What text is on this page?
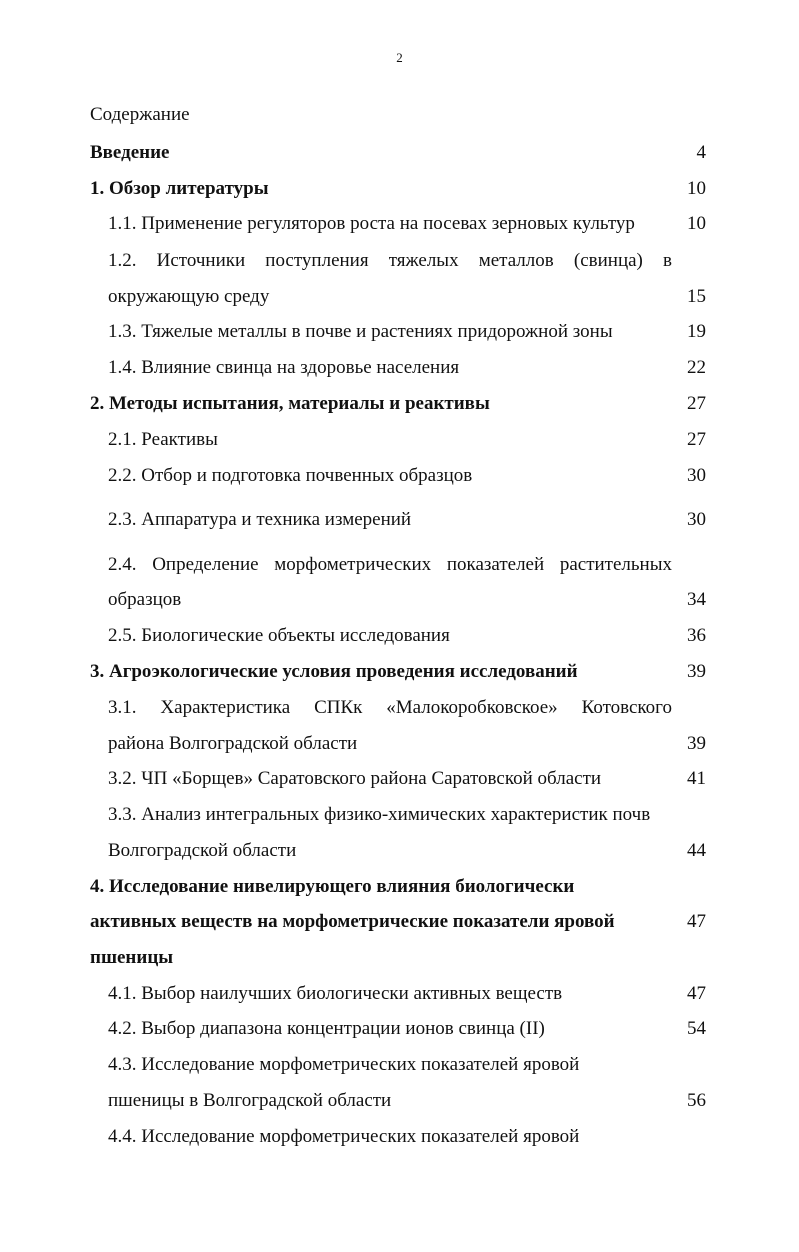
2
Содержание
Введение	4
1. Обзор литературы	10
1.1. Применение регуляторов роста на посевах зерновых культур	10
1.2. Источники поступления тяжелых металлов (свинца) в
окружающую среду	15
1.3. Тяжелые металлы в почве и растениях придорожной зоны	19
1.4. Влияние свинца на здоровье населения	22
2. Методы испытания, материалы и реактивы	27
2.1. Реактивы	27
2.2. Отбор и подготовка почвенных образцов	30
2.3. Аппаратура и техника измерений	30
2.4. Определение морфометрических показателей растительных
образцов	34
2.5. Биологические объекты исследования	36
3. Агроэкологические условия проведения исследований	39
3.1. Характеристика СПКк «Малокоробковское» Котовского
района Волгоградской области	39
3.2. ЧП «Борщев» Саратовского района Саратовской области	41
3.3. Анализ интегральных физико-химических характеристик почв
Волгоградской области	44
4. Исследование нивелирующего влияния биологически
активных веществ на морфометрические показатели яровой	47
пшеницы
4.1. Выбор наилучших биологически активных веществ	47
4.2. Выбор диапазона концентрации ионов свинца (II)	54
4.3. Исследование морфометрических показателей яровой
пшеницы в Волгоградской области	56
4.4. Исследование морфометрических показателей яровой
